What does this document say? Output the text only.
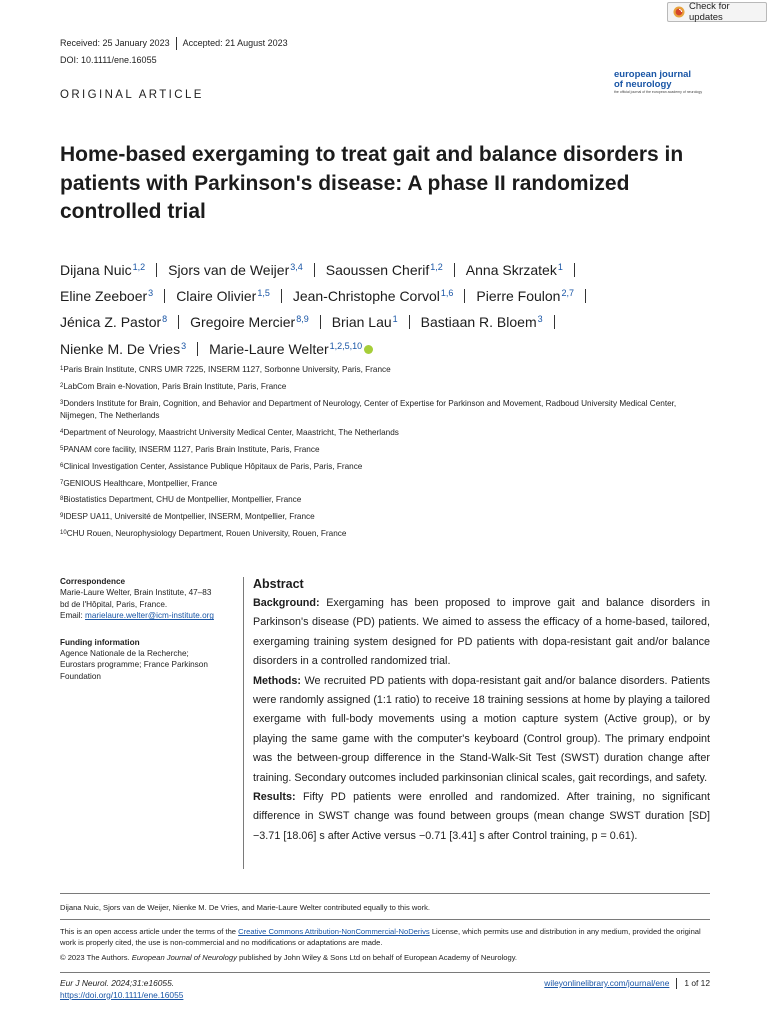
Check for updates
Received: 25 January 2023 Accepted: 21 August 2023
DOI: 10.1111/ene.16055
ORIGINAL ARTICLE
european journal
of neurology
the official journal of the european academy of neurology
Home-based exergaming to treat gait and balance disorders in patients with Parkinson's disease: A phase II randomized controlled trial
Dijana Nuic$^{1,2}$ Sjors van de Weijer$^{3,4}$ Saoussen Cherif$^{1,2}$ Anna Skrzatek$^1$
Eline Zeeboer$^3$ Claire Olivier$^{1,5}$ Jean-Christophe Corvol$^{1,6}$ Pierre Foulon$^{2,7}$
Jénica Z. Pastor$^8$ Gregoire Mercier$^{8,9}$ Brian Lau$^1$ Bastiaan R. Bloem$^3$
Nienke M. De Vries$^3$ Marie-Laure Welter$^{1,2,5,10}$
$^1$Paris Brain Institute, CNRS UMR 7225, INSERM 1127, Sorbonne University, Paris, France
$^2$LabCom Brain e-Novation, Paris Brain Institute, Paris, France
$^3$Donders Institute for Brain, Cognition, and Behavior and Department of Neurology, Center of Expertise for Parkinson and Movement, Radboud University Medical Center, Nijmegen, The Netherlands
$^4$Department of Neurology, Maastricht University Medical Center, Maastricht, The Netherlands
$^5$PANAM core facility, INSERM 1127, Paris Brain Institute, Paris, France
$^6$Clinical Investigation Center, Assistance Publique Hôpitaux de Paris, Paris, France
$^7$GENIOUS Healthcare, Montpellier, France
$^8$Biostatistics Department, CHU de Montpellier, Montpellier, France
$^9$IDESP UA11, Université de Montpellier, INSERM, Montpellier, France
$^{10}$CHU Rouen, Neurophysiology Department, Rouen University, Rouen, France
Correspondence
Marie-Laure Welter, Brain Institute, 47–83
bd de l'Hôpital, Paris, France.
Email: marielaure.welter@icm-institute.org
Funding information
Agence Nationale de la Recherche;
Eurostars programme; France Parkinson
Foundation
Abstract

Background: Exergaming has been proposed to improve gait and balance disorders in Parkinson's disease (PD) patients. We aimed to assess the efficacy of a home-based, tailored, exergaming training system designed for PD patients with dopa-resistant gait and/or balance disorders in a controlled randomized trial.

Methods: We recruited PD patients with dopa-resistant gait and/or balance disorders. Patients were randomly assigned (1:1 ratio) to receive 18 training sessions at home by playing a tailored exergame with full-body movements using a motion capture system (Active group), or by playing the same game with the computer's keyboard (Control group). The primary endpoint was the between-group difference in the Stand-Walk-Sit Test (SWST) duration change after training. Secondary outcomes included parkinsonian clinical scales, gait recordings, and safety.

Results: Fifty PD patients were enrolled and randomized. After training, no significant difference in SWST change was found between groups (mean change SWST duration [SD] −3.71 [18.06] s after Active versus −0.71 [3.41] s after Control training, p = 0.61).

Dijana Nuic, Sjors van de Weijer, Nienke M. De Vries, and Marie-Laure Welter contributed equally to this work.
This is an open access article under the terms of the Creative Commons Attribution-NonCommercial-NoDerivs License, which permits use and distribution in any medium, provided the original work is properly cited, the use is non-commercial and no modifications or adaptations are made.
© 2023 The Authors. European Journal of Neurology published by John Wiley & Sons Ltd on behalf of European Academy of Neurology.
Eur J Neurol. 2024;31:e16055.
https://doi.org/10.1111/ene.16055
wileyonlinelibrary.com/journal/ene 1 of 12
